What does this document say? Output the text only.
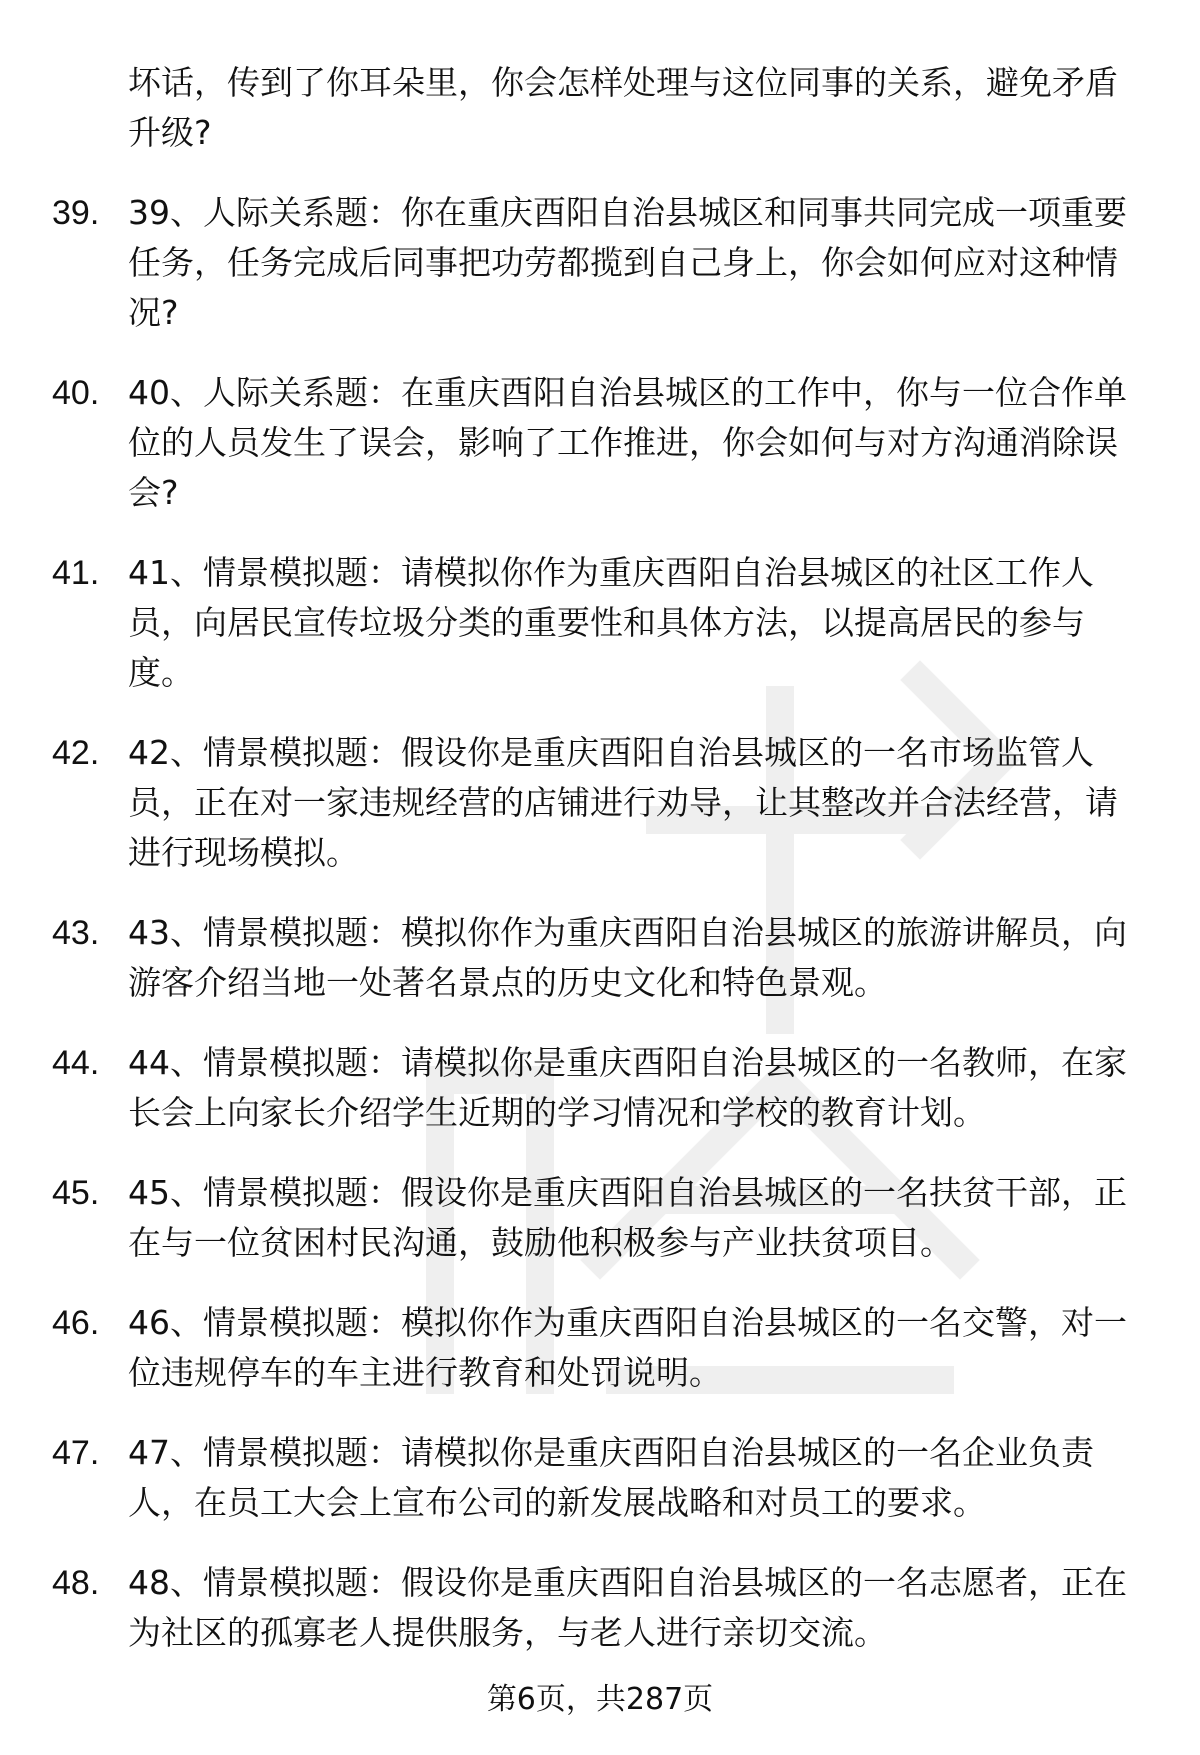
坏话，传到了你耳朵里，你会怎样处理与这位同事的关系，避免矛盾升级?
39. 39、人际关系题：你在重庆酉阳自治县城区和同事共同完成一项重要任务，任务完成后同事把功劳都揽到自己身上，你会如何应对这种情况?
40. 40、人际关系题：在重庆酉阳自治县城区的工作中，你与一位合作单位的人员发生了误会，影响了工作推进，你会如何与对方沟通消除误会?
41. 41、情景模拟题：请模拟你作为重庆酉阳自治县城区的社区工作人员，向居民宣传垃圾分类的重要性和具体方法，以提高居民的参与度。
42. 42、情景模拟题：假设你是重庆酉阳自治县城区的一名市场监管人员，正在对一家违规经营的店铺进行劝导，让其整改并合法经营，请进行现场模拟。
43. 43、情景模拟题：模拟你作为重庆酉阳自治县城区的旅游讲解员，向游客介绍当地一处著名景点的历史文化和特色景观。
44. 44、情景模拟题：请模拟你是重庆酉阳自治县城区的一名教师，在家长会上向家长介绍学生近期的学习情况和学校的教育计划。
45. 45、情景模拟题：假设你是重庆酉阳自治县城区的一名扶贫干部，正在与一位贫困村民沟通，鼓励他积极参与产业扶贫项目。
46. 46、情景模拟题：模拟你作为重庆酉阳自治县城区的一名交警，对一位违规停车的车主进行教育和处罚说明。
47. 47、情景模拟题：请模拟你是重庆酉阳自治县城区的一名企业负责人，在员工大会上宣布公司的新发展战略和对员工的要求。
48. 48、情景模拟题：假设你是重庆酉阳自治县城区的一名志愿者，正在为社区的孤寡老人提供服务，与老人进行亲切交流。
第6页，共287页
